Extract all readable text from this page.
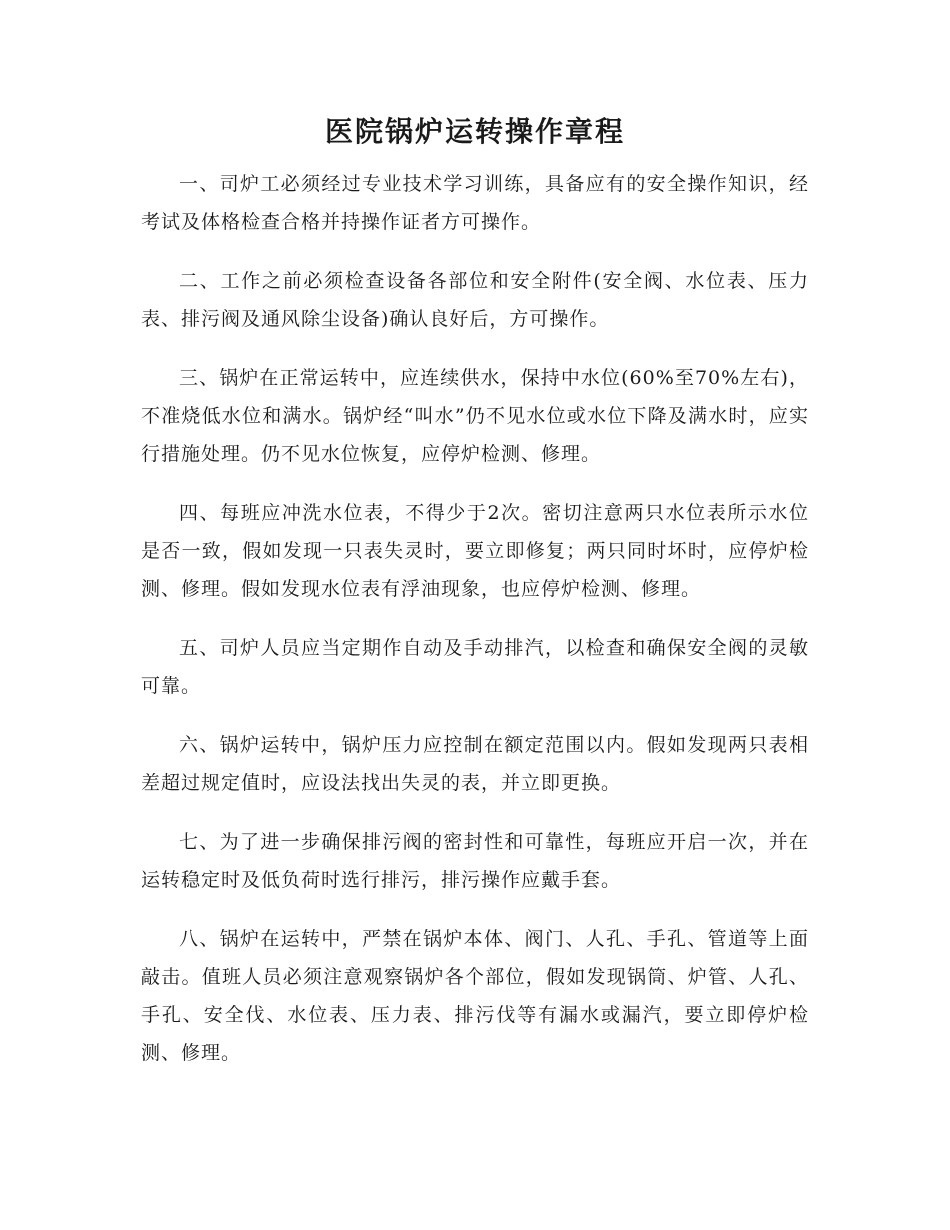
医院锅炉运转操作章程

一、司炉工必须经过专业技术学习训练，具备应有的安全操作知识，经考试及体格检查合格并持操作证者方可操作。

二、工作之前必须检查设备各部位和安全附件(安全阀、水位表、压力表、排污阀及通风除尘设备)确认良好后，方可操作。

三、锅炉在正常运转中，应连续供水，保持中水位(60%至70%左右)，不准烧低水位和满水。锅炉经“叫水”仍不见水位或水位下降及满水时，应实行措施处理。仍不见水位恢复，应停炉检测、修理。

四、每班应冲洗水位表，不得少于2次。密切注意两只水位表所示水位是否一致，假如发现一只表失灵时，要立即修复；两只同时坏时，应停炉检测、修理。假如发现水位表有浮油现象，也应停炉检测、修理。

五、司炉人员应当定期作自动及手动排汽，以检查和确保安全阀的灵敏可靠。

六、锅炉运转中，锅炉压力应控制在额定范围以内。假如发现两只表相差超过规定值时，应设法找出失灵的表，并立即更换。

七、为了进一步确保排污阀的密封性和可靠性，每班应开启一次，并在运转稳定时及低负荷时选行排污，排污操作应戴手套。

八、锅炉在运转中，严禁在锅炉本体、阀门、人孔、手孔、管道等上面敲击。值班人员必须注意观察锅炉各个部位，假如发现锅筒、炉管、人孔、手孔、安全伐、水位表、压力表、排污伐等有漏水或漏汽，要立即停炉检测、修理。
